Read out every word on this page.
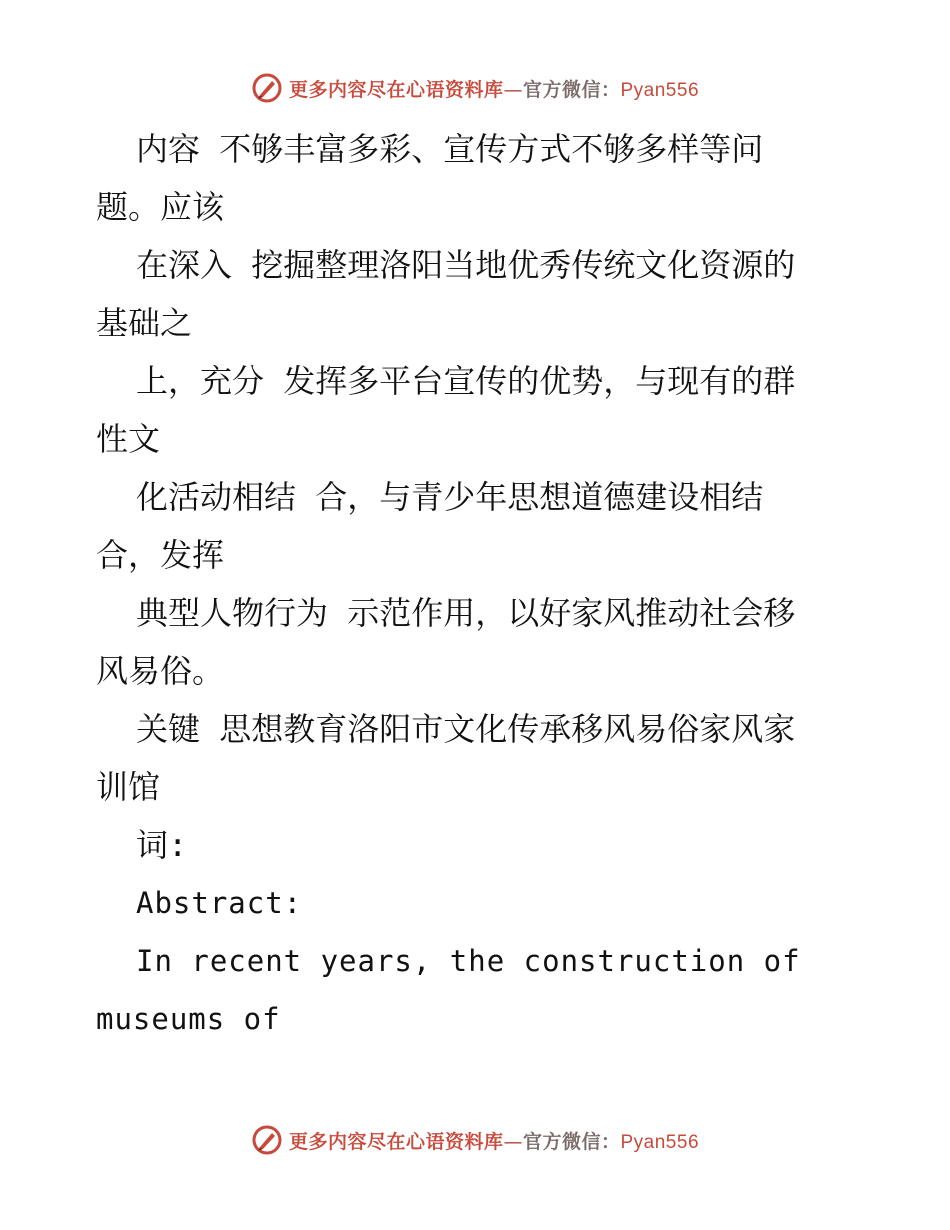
更多内容尽在心语资料库—官方微信：Pyan556
内容 不够丰富多彩、宣传方式不够多样等问
题。应该
在深入 挖掘整理洛阳当地优秀传统文化资源的
基础之
上，充分 发挥多平台宣传的优势，与现有的群
性文
化活动相结 合，与青少年思想道德建设相结
合，发挥
典型人物行为 示范作用，以好家风推动社会移
风易俗。
关键 思想教育洛阳市文化传承移风易俗家风家
训馆
词:
Abstract:
In recent years, the construction of
museums of
更多内容尽在心语资料库—官方微信：Pyan556
